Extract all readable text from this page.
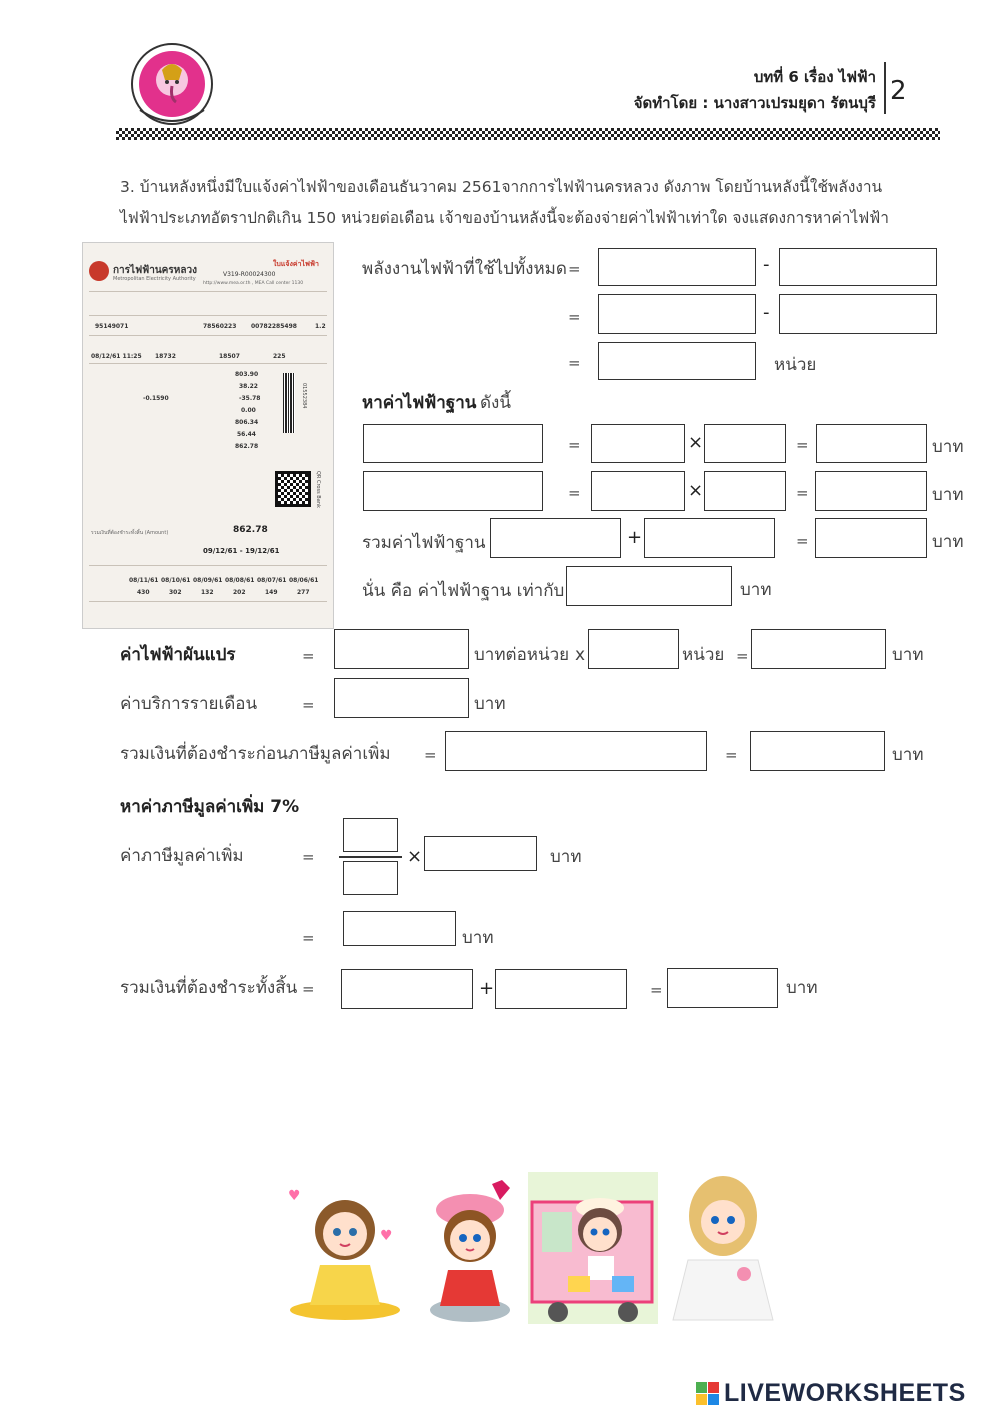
บทที่ 6 เรื่อง ไฟฟ้า
จัดทำโดย : นางสาวเปรมยุดา รัตนบุรี 2
3. บ้านหลังหนึ่งมีใบแจ้งค่าไฟฟ้าของเดือนธันวาคม 2561จากการไฟฟ้านครหลวง ดังภาพ โดยบ้านหลังนี้ใช้พลังงาน
ไฟฟ้าประเภทอัตราปกติเกิน 150 หน่วยต่อเดือน เจ้าของบ้านหลังนี้จะต้องจ่ายค่าไฟฟ้าเท่าใด จงแสดงการหาค่าไฟฟ้า
การไฟฟ้านครหลวง
Metropolitan Electricity Authority
ใบแจ้งค่าไฟฟ้า
V319-R00024300
http://www.mea.or.th , MEA Call center 1130
95149071	78560223 00782285498	1.2
08/12/61 11:25 18732	18507	225
803.90
38.22
-0.1590	-35.78
0.00
806.34
56.44
862.78
01552384
QR Cross Bank
รวมเงินที่ต้องชำระทั้งสิ้น (Amount)	862.78
09/12/61 - 19/12/61
08/11/61 08/10/61 08/09/61 08/08/61 08/07/61 08/06/61
430	302	132	202	149	277
พลังงานไฟฟ้าที่ใช้ไปทั้งหมด =	-
=	-
=	หน่วย
หาค่าไฟฟ้าฐาน ดังนี้
=	×	=	บาท
=	×	=	บาท
รวมค่าไฟฟ้าฐาน	+	=	บาท
นั่น คือ ค่าไฟฟ้าฐาน เท่ากับ	บาท
ค่าไฟฟ้าผันแปร	=	บาทต่อหน่วย x	หน่วย =	บาท
ค่าบริการรายเดือน	=	บาท
รวมเงินที่ต้องชำระก่อนภาษีมูลค่าเพิ่ม =	=	บาท
หาค่าภาษีมูลค่าเพิ่ม 7%
ค่าภาษีมูลค่าเพิ่ม	=	×	บาท
=	บาท
รวมเงินที่ต้องชำระทั้งสิ้น =	+	=	บาท
♥
♥
LIVEWORKSHEETS
